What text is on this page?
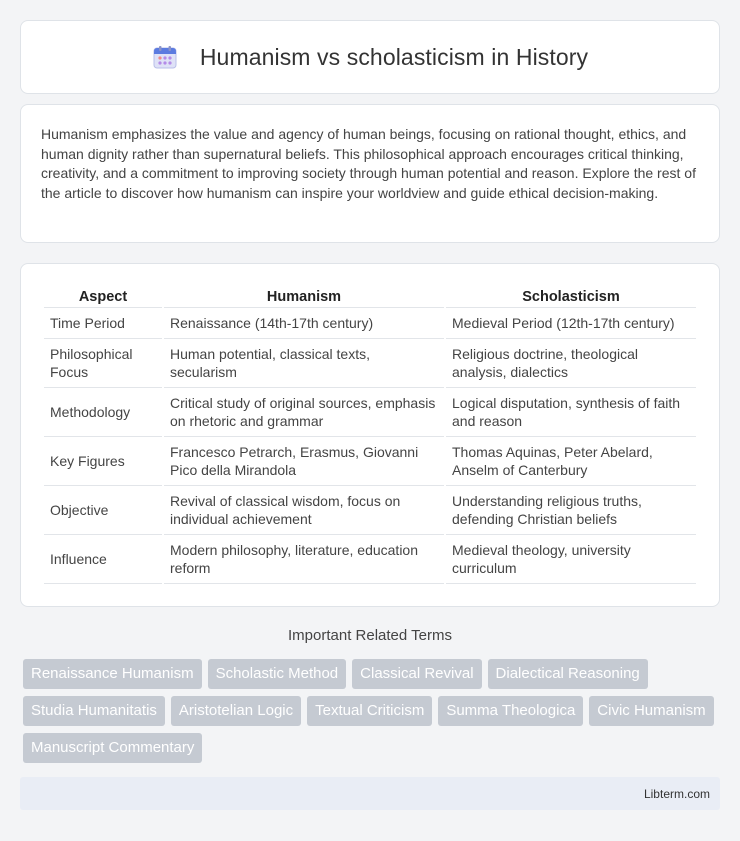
Humanism vs scholasticism in History

Humanism emphasizes the value and agency of human beings, focusing on rational thought, ethics, and human dignity rather than supernatural beliefs. This philosophical approach encourages critical thinking, creativity, and a commitment to improving society through human potential and reason. Explore the rest of the article to discover how humanism can inspire your worldview and guide ethical decision-making.

Aspect	Humanism	Scholasticism
Time Period	Renaissance (14th-17th century)	Medieval Period (12th-17th century)
Philosophical Focus	Human potential, classical texts, secularism	Religious doctrine, theological analysis, dialectics
Methodology	Critical study of original sources, emphasis on rhetoric and grammar	Logical disputation, synthesis of faith and reason
Key Figures	Francesco Petrarch, Erasmus, Giovanni Pico della Mirandola	Thomas Aquinas, Peter Abelard, Anselm of Canterbury
Objective	Revival of classical wisdom, focus on individual achievement	Understanding religious truths, defending Christian beliefs
Influence	Modern philosophy, literature, education reform	Medieval theology, university curriculum
Important Related Terms
Renaissance Humanism	Scholastic Method	Classical Revival	Dialectical Reasoning
Studia Humanitatis	Aristotelian Logic	Textual Criticism	Summa Theologica	Civic Humanism
Manuscript Commentary
Libterm.com
